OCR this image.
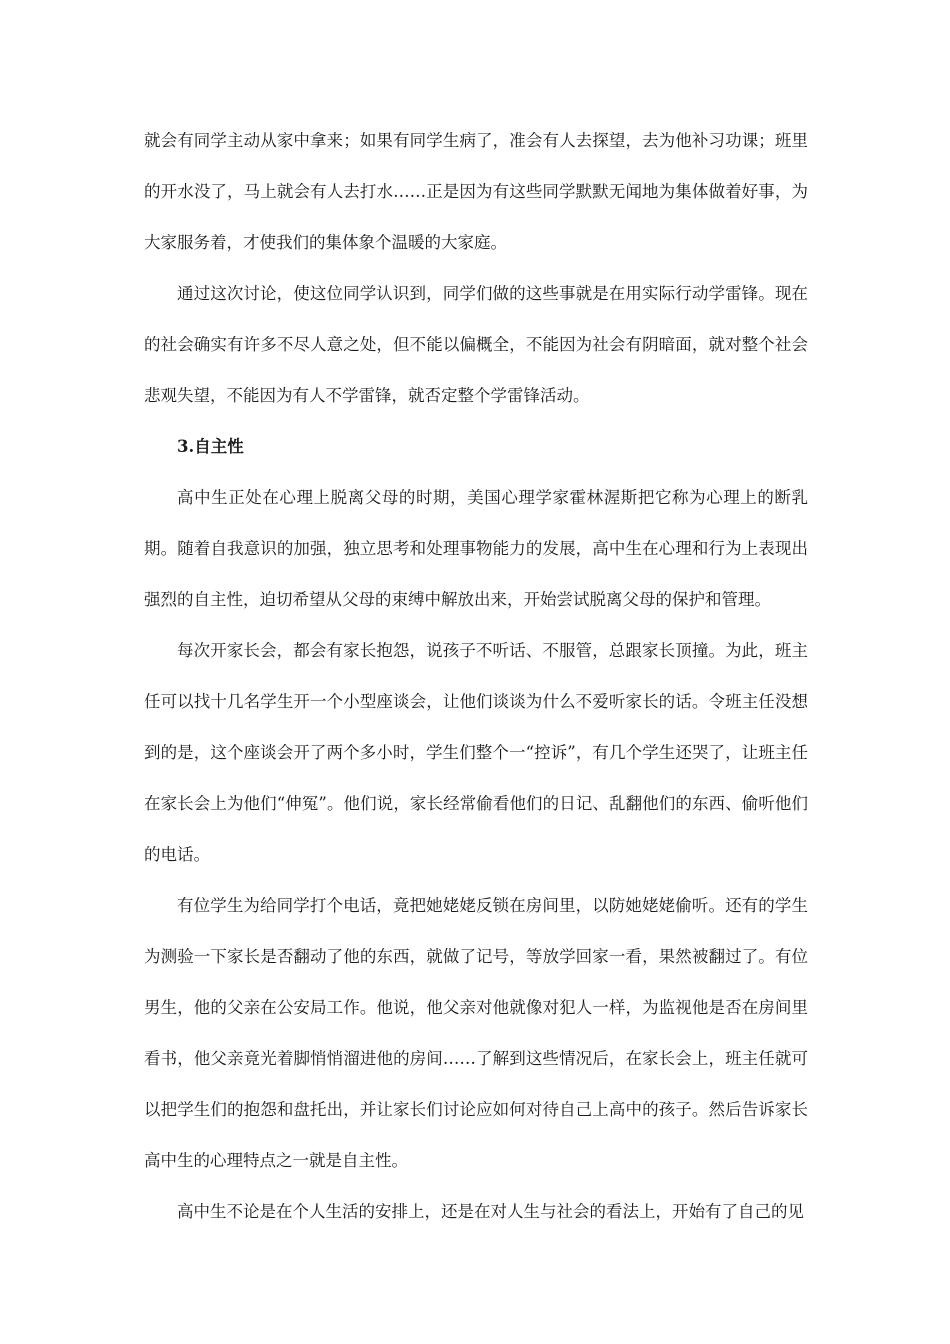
就会有同学主动从家中拿来；如果有同学生病了，准会有人去探望，去为他补习功课；班里的开水没了，马上就会有人去打水……正是因为有这些同学默默无闻地为集体做着好事，为大家服务着，才使我们的集体象个温暖的大家庭。

通过这次讨论，使这位同学认识到，同学们做的这些事就是在用实际行动学雷锋。现在的社会确实有许多不尽人意之处，但不能以偏概全，不能因为社会有阴暗面，就对整个社会悲观失望，不能因为有人不学雷锋，就否定整个学雷锋活动。

3.自主性

高中生正处在心理上脱离父母的时期，美国心理学家霍林渥斯把它称为心理上的断乳期。随着自我意识的加强，独立思考和处理事物能力的发展，高中生在心理和行为上表现出强烈的自主性，迫切希望从父母的束缚中解放出来，开始尝试脱离父母的保护和管理。

每次开家长会，都会有家长抱怨，说孩子不听话、不服管，总跟家长顶撞。为此，班主任可以找十几名学生开一个小型座谈会，让他们谈谈为什么不爱听家长的话。令班主任没想到的是，这个座谈会开了两个多小时，学生们整个一“控诉”，有几个学生还哭了，让班主任在家长会上为他们“伸冤”。他们说，家长经常偷看他们的日记、乱翻他们的东西、偷听他们的电话。

有位学生为给同学打个电话，竟把她姥姥反锁在房间里，以防她姥姥偷听。还有的学生为测验一下家长是否翻动了他的东西，就做了记号，等放学回家一看，果然被翻过了。有位男生，他的父亲在公安局工作。他说，他父亲对他就像对犯人一样，为监视他是否在房间里看书，他父亲竟光着脚悄悄溜进他的房间……了解到这些情况后，在家长会上，班主任就可以把学生们的抱怨和盘托出，并让家长们讨论应如何对待自己上高中的孩子。然后告诉家长高中生的心理特点之一就是自主性。

高中生不论是在个人生活的安排上，还是在对人生与社会的看法上，开始有了自己的见
